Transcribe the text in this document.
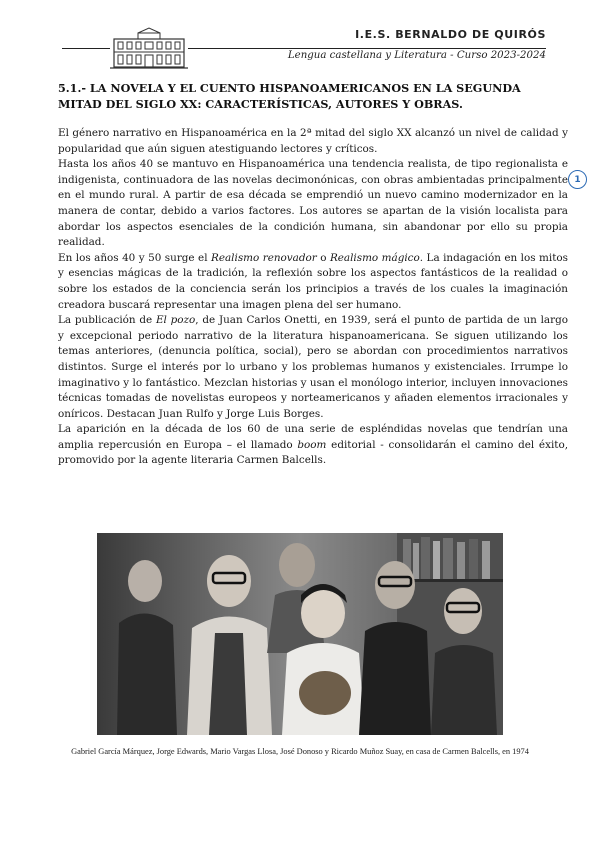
I.E.S. BERNALDO DE QUIRÓS
Lengua castellana y Literatura - Curso 2023-2024
5.1.- LA NOVELA Y EL CUENTO HISPANOAMERICANOS EN LA SEGUNDA MITAD DEL SIGLO XX: CARACTERÍSTICAS, AUTORES Y OBRAS.

El género narrativo en Hispanoamérica en la 2ª mitad del siglo XX alcanzó un nivel de calidad y popularidad que aún siguen atestiguando lectores y críticos.

Hasta los años 40 se mantuvo en Hispanoamérica una tendencia realista, de tipo regionalista e indigenista, continuadora de las novelas decimonónicas, con obras ambientadas principalmente en el mundo rural. A partir de esa década se emprendió un nuevo camino modernizador en la manera de contar, debido a varios factores. Los autores se apartan de la visión localista para abordar los aspectos esenciales de la condición humana, sin abandonar por ello su propia realidad.

En los años 40 y 50 surge el Realismo renovador o Realismo mágico. La indagación en los mitos y esencias mágicas de la tradición, la reflexión sobre los aspectos fantásticos de la realidad o sobre los estados de la conciencia serán los principios a través de los cuales la imaginación creadora buscará representar una imagen plena del ser humano.

La publicación de El pozo, de Juan Carlos Onetti, en 1939, será el punto de partida de un largo y excepcional periodo narrativo de la literatura hispanoamericana. Se siguen utilizando los temas anteriores, (denuncia política, social), pero se abordan con procedimientos narrativos distintos. Surge el interés por lo urbano y los problemas humanos y existenciales. Irrumpe lo imaginativo y lo fantástico. Mezclan historias y usan el monólogo interior, incluyen innovaciones técnicas tomadas de novelistas europeos y norteamericanos y añaden elementos irracionales y oníricos. Destacan Juan Rulfo y Jorge Luis Borges.

La aparición en la década de los 60 de una serie de espléndidas novelas que tendrían una amplia repercusión en Europa – el llamado boom editorial - consolidarán el camino del éxito, promovido por la agente literaria Carmen Balcells.

1
Gabriel García Márquez, Jorge Edwards, Mario Vargas Llosa, José Donoso y Ricardo Muñoz Suay, en casa de Carmen Balcells, en 1974
